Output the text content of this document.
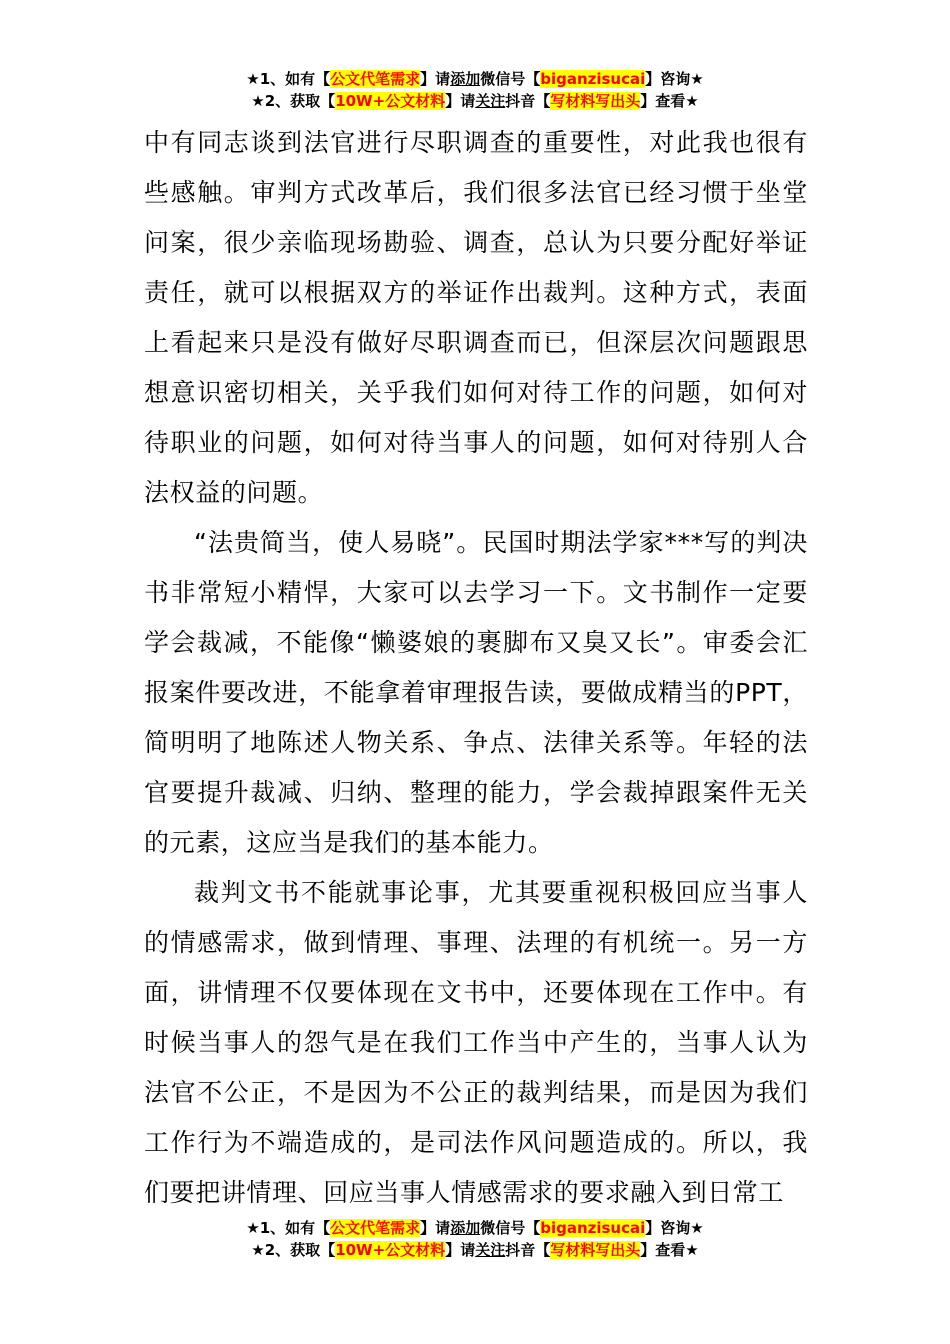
★1、如有【公文代笔需求】请添加微信号【biganzisucai】咨询★
★2、获取【10W+公文材料】请关注抖音【写材料写出头】查看★

中有同志谈到法官进行尽职调查的重要性，对此我也很有些感触。审判方式改革后，我们很多法官已经习惯于坐堂问案，很少亲临现场勘验、调查，总认为只要分配好举证责任，就可以根据双方的举证作出裁判。这种方式，表面上看起来只是没有做好尽职调查而已，但深层次问题跟思想意识密切相关，关乎我们如何对待工作的问题，如何对待职业的问题，如何对待当事人的问题，如何对待别人合法权益的问题。

“法贵简当，使人易晓”。民国时期法学家***写的判决书非常短小精悍，大家可以去学习一下。文书制作一定要学会裁减，不能像“懒婆娘的裹脚布又臭又长”。审委会汇报案件要改进，不能拿着审理报告读，要做成精当的PPT，简明明了地陈述人物关系、争点、法律关系等。年轻的法官要提升裁减、归纳、整理的能力，学会裁掉跟案件无关的元素，这应当是我们的基本能力。

裁判文书不能就事论事，尤其要重视积极回应当事人的情感需求，做到情理、事理、法理的有机统一。另一方面，讲情理不仅要体现在文书中，还要体现在工作中。有时候当事人的怨气是在我们工作当中产生的，当事人认为法官不公正，不是因为不公正的裁判结果，而是因为我们工作行为不端造成的，是司法作风问题造成的。所以，我们要把讲情理、回应当事人情感需求的要求融入到日常工

★1、如有【公文代笔需求】请添加微信号【biganzisucai】咨询★
★2、获取【10W+公文材料】请关注抖音【写材料写出头】查看★
